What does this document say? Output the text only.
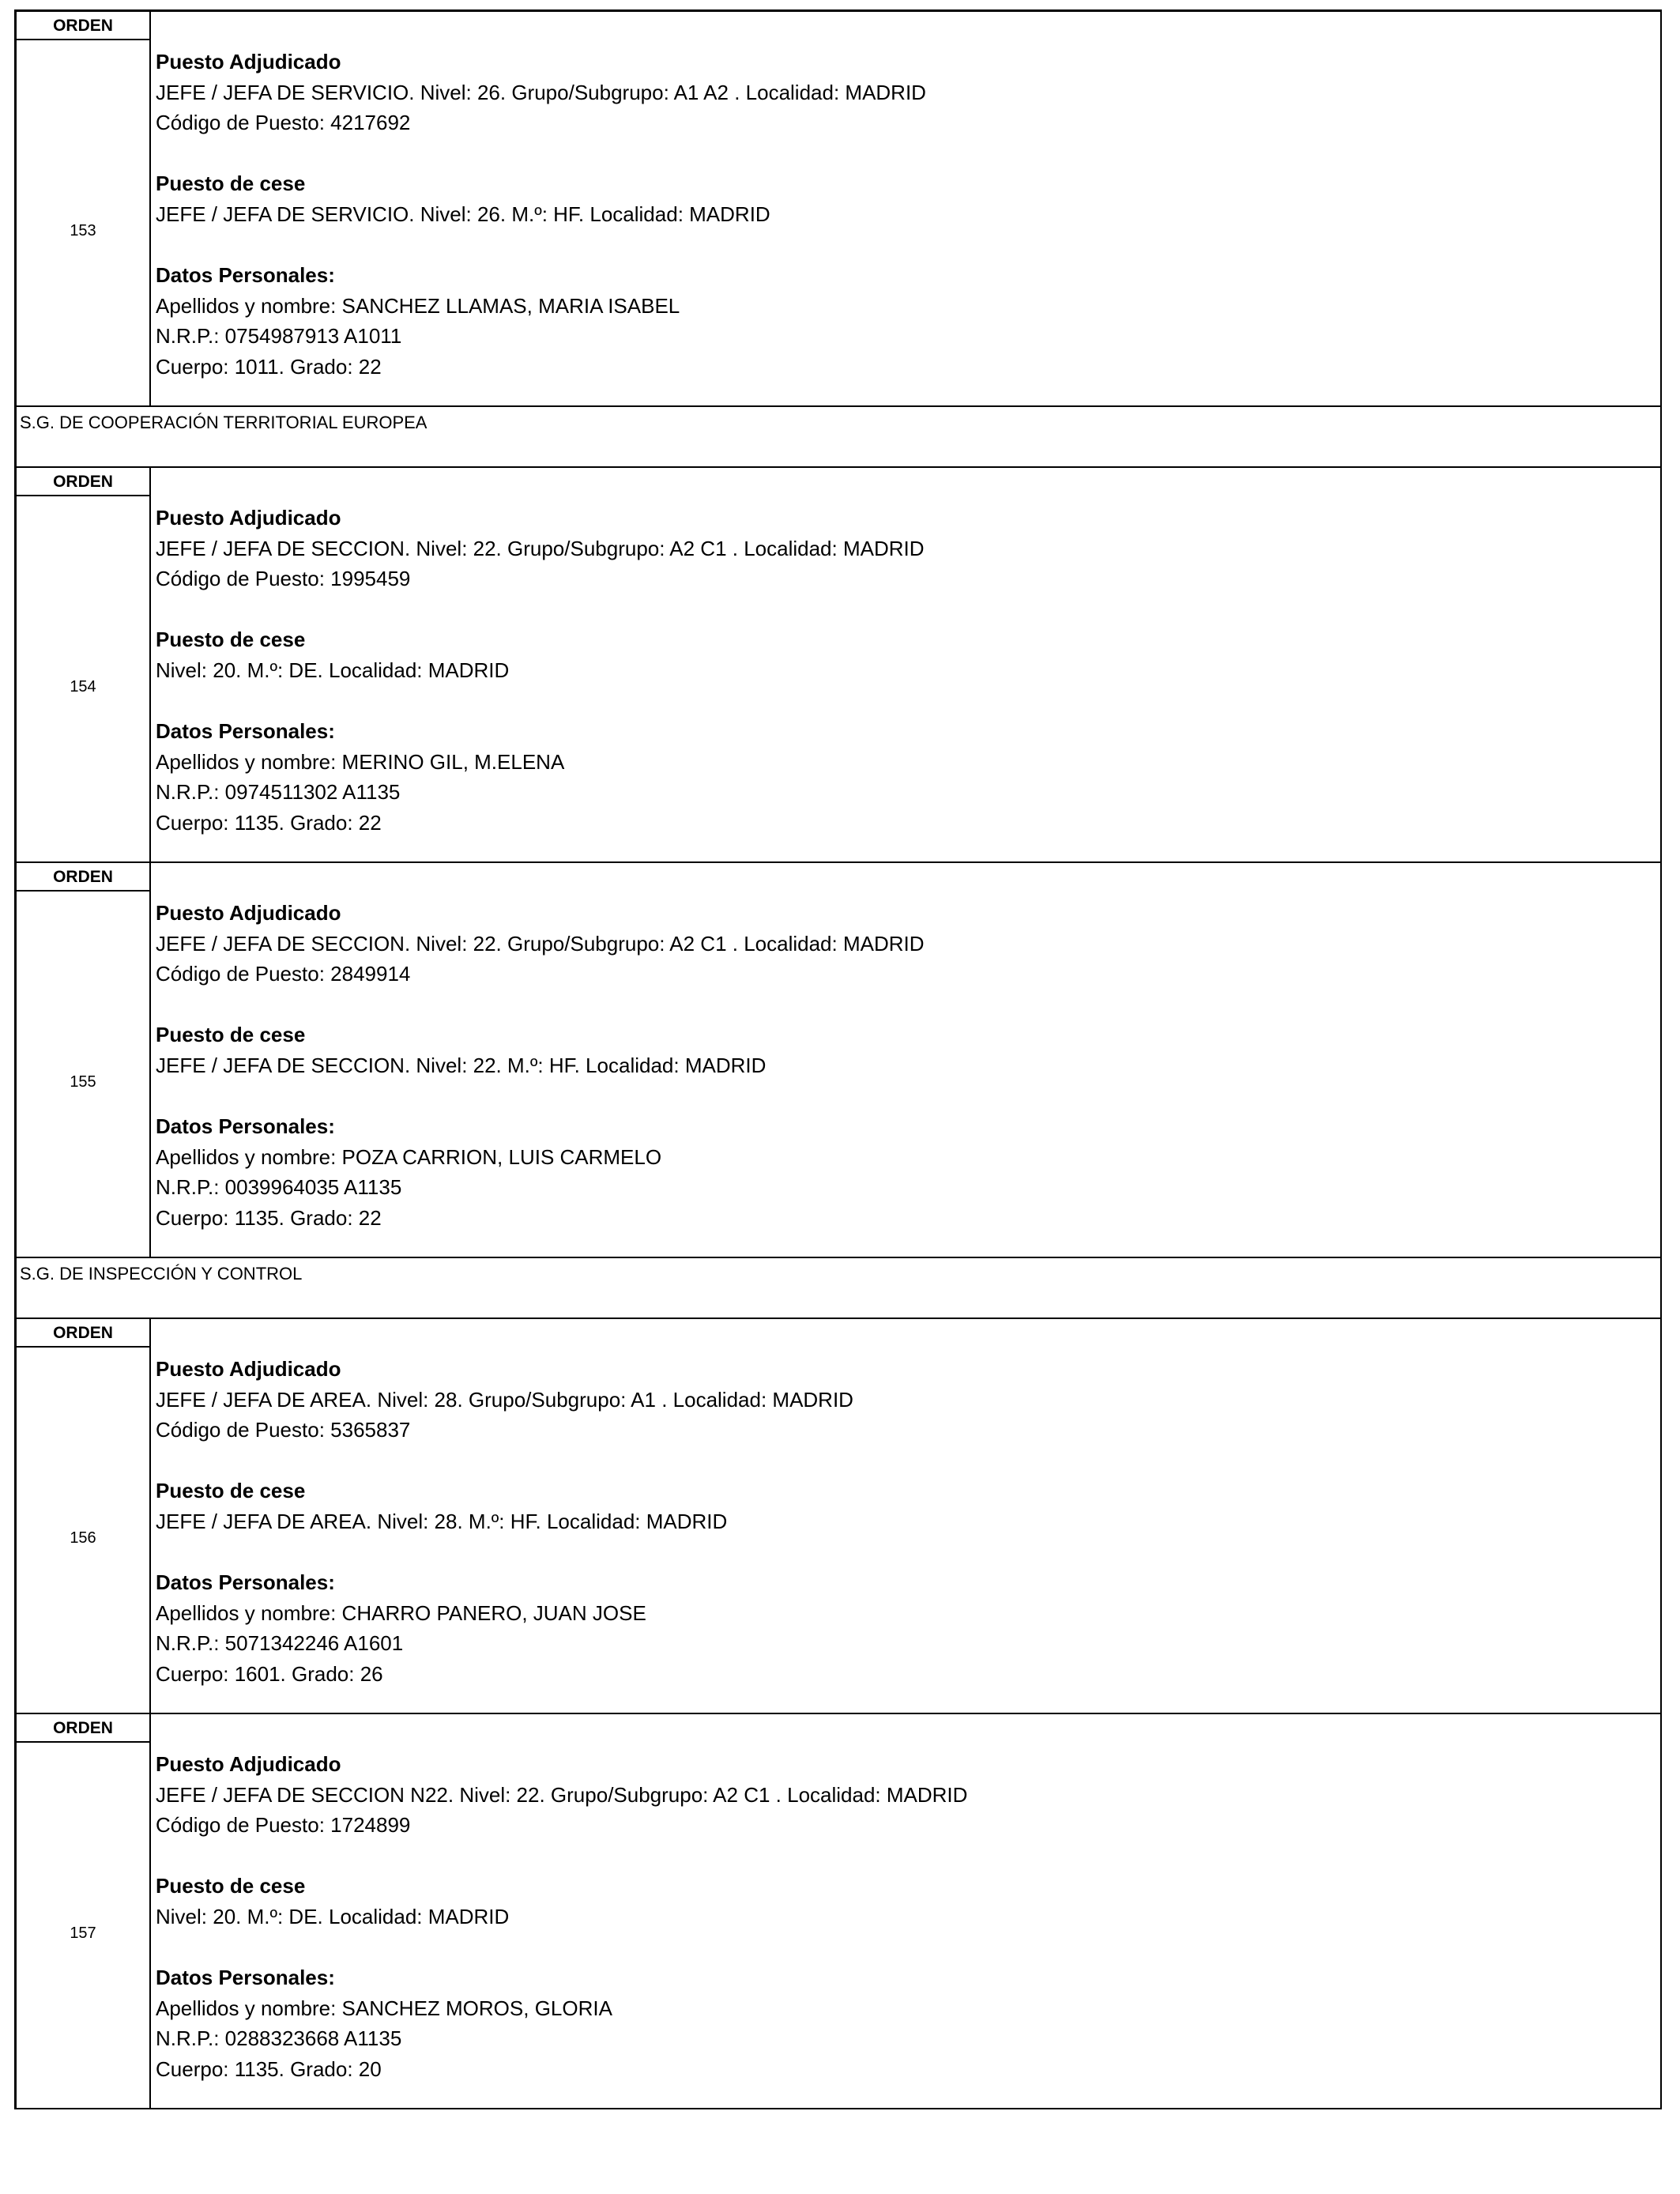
ORDEN
153
Puesto Adjudicado
JEFE / JEFA DE SERVICIO. Nivel: 26. Grupo/Subgrupo: A1 A2 . Localidad: MADRID
Código de Puesto: 4217692
Puesto de cese
JEFE / JEFA DE SERVICIO. Nivel: 26. M.º: HF. Localidad: MADRID
Datos Personales:
Apellidos y nombre: SANCHEZ LLAMAS, MARIA ISABEL
N.R.P.: 0754987913 A1011
Cuerpo: 1011. Grado: 22
S.G. DE COOPERACIÓN TERRITORIAL EUROPEA
ORDEN
154
Puesto Adjudicado
JEFE / JEFA DE SECCION. Nivel: 22. Grupo/Subgrupo: A2 C1 . Localidad: MADRID
Código de Puesto: 1995459
Puesto de cese
Nivel: 20. M.º: DE. Localidad: MADRID
Datos Personales:
Apellidos y nombre: MERINO GIL, M.ELENA
N.R.P.: 0974511302 A1135
Cuerpo: 1135. Grado: 22
ORDEN
155
Puesto Adjudicado
JEFE / JEFA DE SECCION. Nivel: 22. Grupo/Subgrupo: A2 C1 . Localidad: MADRID
Código de Puesto: 2849914
Puesto de cese
JEFE / JEFA DE SECCION. Nivel: 22. M.º: HF. Localidad: MADRID
Datos Personales:
Apellidos y nombre: POZA CARRION, LUIS CARMELO
N.R.P.: 0039964035 A1135
Cuerpo: 1135. Grado: 22
S.G. DE INSPECCIÓN Y CONTROL
ORDEN
156
Puesto Adjudicado
JEFE / JEFA DE AREA. Nivel: 28. Grupo/Subgrupo: A1 . Localidad: MADRID
Código de Puesto: 5365837
Puesto de cese
JEFE / JEFA DE AREA. Nivel: 28. M.º: HF. Localidad: MADRID
Datos Personales:
Apellidos y nombre: CHARRO PANERO, JUAN JOSE
N.R.P.: 5071342246 A1601
Cuerpo: 1601. Grado: 26
ORDEN
157
Puesto Adjudicado
JEFE / JEFA DE SECCION N22. Nivel: 22. Grupo/Subgrupo: A2 C1 . Localidad: MADRID
Código de Puesto: 1724899
Puesto de cese
Nivel: 20. M.º: DE. Localidad: MADRID
Datos Personales:
Apellidos y nombre: SANCHEZ MOROS, GLORIA
N.R.P.: 0288323668 A1135
Cuerpo: 1135. Grado: 20
